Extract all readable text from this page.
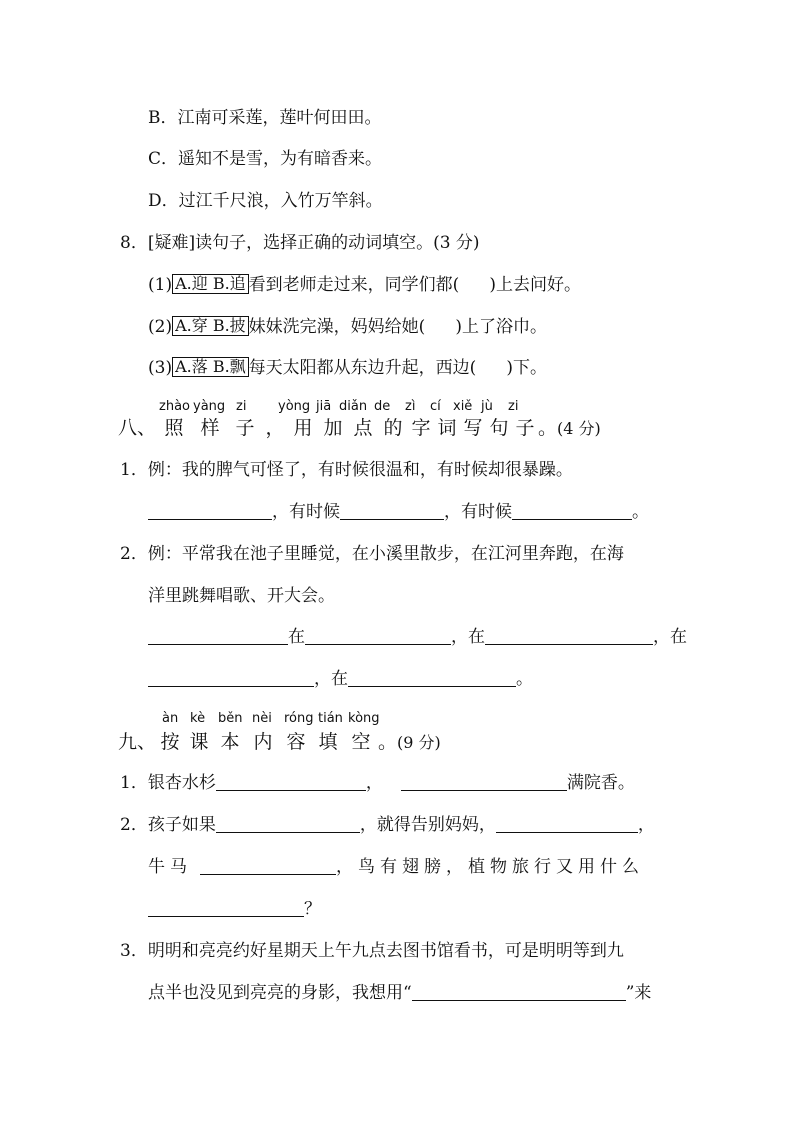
B．江南可采莲，莲叶何田田。
C．遥知不是雪，为有暗香来。
D．过江千尺浪，入竹万竿斜。
8．[疑难]读句子，选择正确的动词填空。(3 分)
(1) A.迎 B.追 看到老师走过来，同学们都( )上去问好。
(2) A.穿 B.披 妹妹洗完澡，妈妈给她( )上了浴巾。
(3) A.落 B.飘 每天太阳都从东边升起，西边( )下。
zhào yàng zi yòng jiā diǎn de zì cí xiě jù zi
八、 照 样 子 ， 用 加 点 的 字 词 写 句 子 。(4 分)
1．例：我的脾气可怪了，有时候很温和，有时候却很暴躁。
，有时候	，有时候	。
2．例：平常我在池子里睡觉，在小溪里散步，在江河里奔跑，在海
洋里跳舞唱歌、开大会。
在	，在	，在
，在	。
àn kè běn nèi róng tián kòng
九、 按 课 本 内 容 填 空 。(9 分)
1．银杏水杉	，	满院香。
2．孩子如果	，就得告别妈妈，	，
牛马	，鸟有翅膀，植物旅行又用什么
？
3．明明和亮亮约好星期天上午九点去图书馆看书，可是明明等到九
点半也没见到亮亮的身影，我想用“	”来
